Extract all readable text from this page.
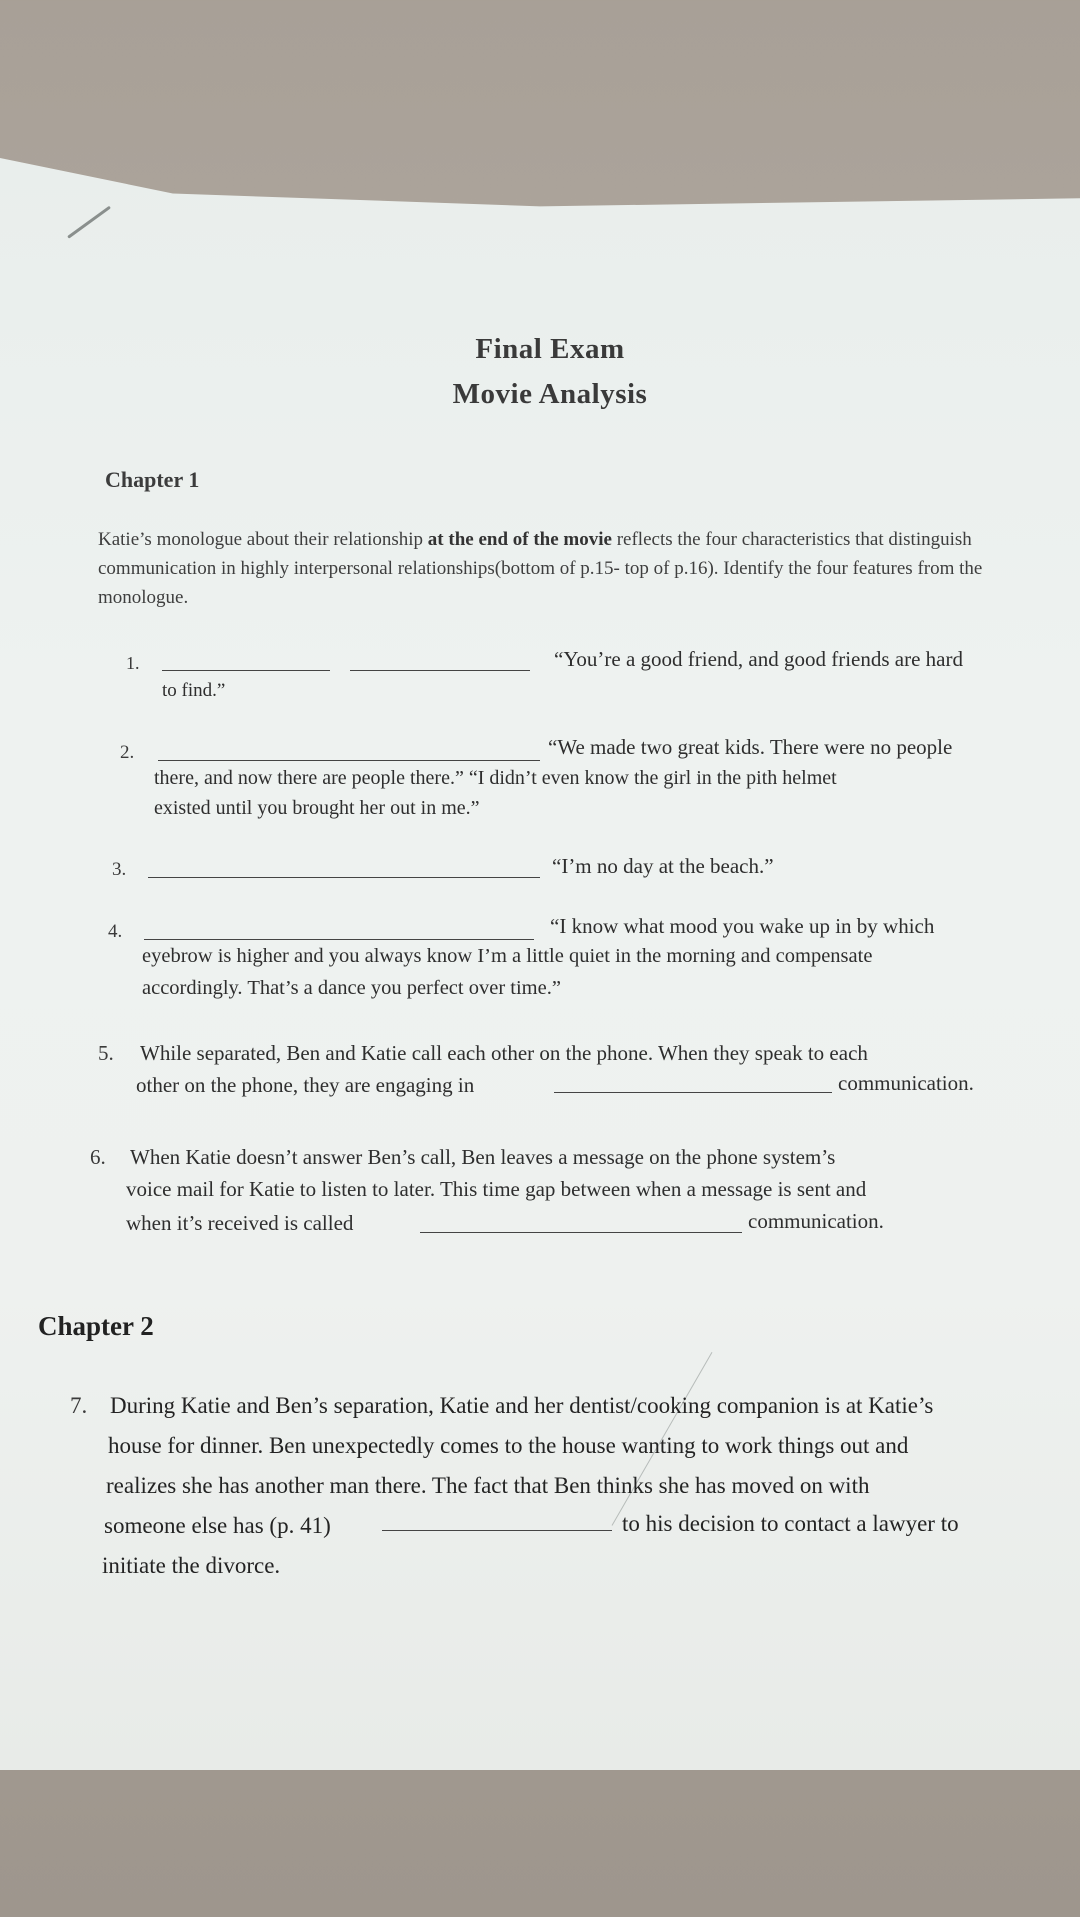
Final Exam
Movie Analysis
Chapter 1
Katie’s monologue about their relationship at the end of the movie reflects the four characteristics that distinguish communication in highly interpersonal relationships(bottom of p.15- top of p.16). Identify the four features from the monologue.
1.	“You’re a good friend, and good friends are hard
to find.”
2.	“We made two great kids. There were no people
there, and now there are people there.” “I didn’t even know the girl in the pith helmet
existed until you brought her out in me.”
3.	“I’m no day at the beach.”
4.	“I know what mood you wake up in by which
eyebrow is higher and you always know I’m a little quiet in the morning and compensate
accordingly. That’s a dance you perfect over time.”
5. While separated, Ben and Katie call each other on the phone. When they speak to each
other on the phone, they are engaging in	communication.
6. When Katie doesn’t answer Ben’s call, Ben leaves a message on the phone system’s
voice mail for Katie to listen to later. This time gap between when a message is sent and
when it’s received is called	communication.
Chapter 2
7. During Katie and Ben’s separation, Katie and her dentist/cooking companion is at Katie’s
house for dinner. Ben unexpectedly comes to the house wanting to work things out and
realizes she has another man there. The fact that Ben thinks she has moved on with
someone else has (p. 41)	to his decision to contact a lawyer to
initiate the divorce.
